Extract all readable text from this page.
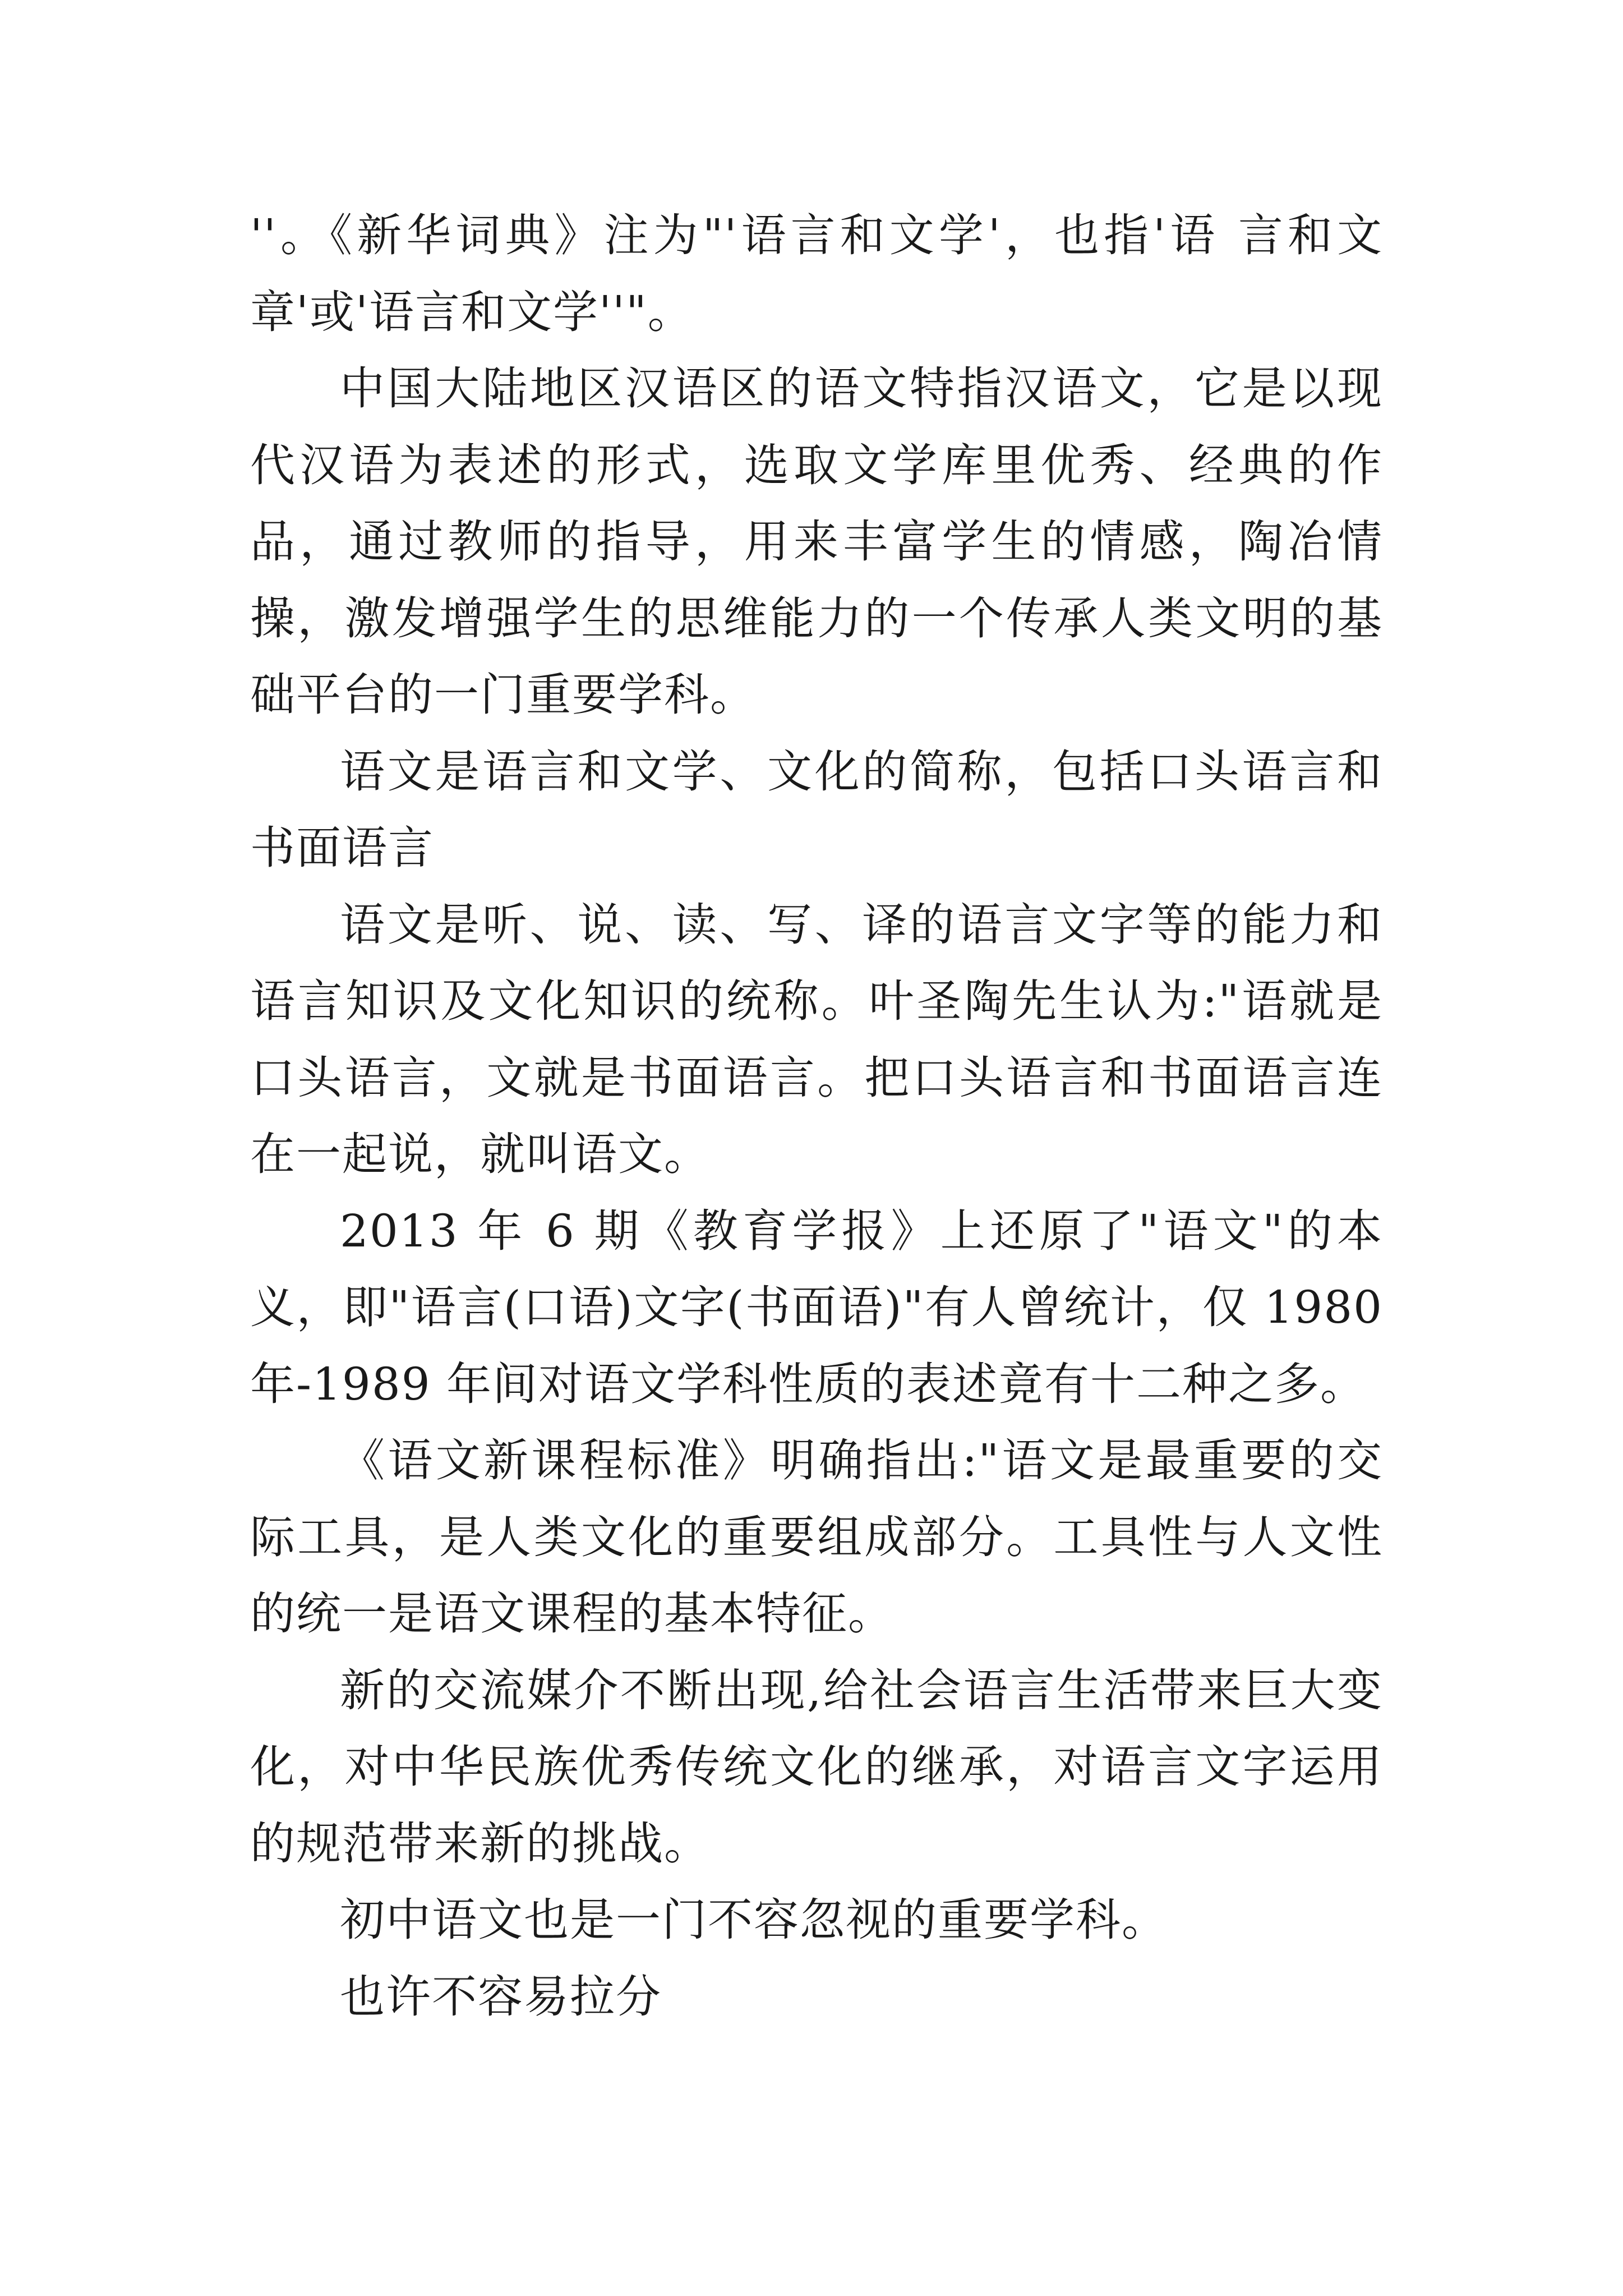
''。《新华词典》注为"'语言和文学'，也指'语 言和文章'或'语言和文学''"。

中国大陆地区汉语区的语文特指汉语文，它是以现代汉语为表述的形式，选取文学库里优秀、经典的作品，通过教师的指导，用来丰富学生的情感，陶冶情操，激发增强学生的思维能力的一个传承人类文明的基础平台的一门重要学科。

语文是语言和文学、文化的简称，包括口头语言和书面语言

语文是听、说、读、写、译的语言文字等的能力和语言知识及文化知识的统称。叶圣陶先生认为:"语就是口头语言，文就是书面语言。把口头语言和书面语言连在一起说，就叫语文。

2013 年 6 期《教育学报》上还原了"语文"的本义，即"语言(口语)文字(书面语)"有人曾统计，仅 1980 年-1989 年间对语文学科性质的表述竟有十二种之多。

《语文新课程标准》明确指出:"语文是最重要的交际工具，是人类文化的重要组成部分。工具性与人文性的统一是语文课程的基本特征。

新的交流媒介不断出现,给社会语言生活带来巨大变化，对中华民族优秀传统文化的继承，对语言文字运用的规范带来新的挑战。

初中语文也是一门不容忽视的重要学科。

也许不容易拉分
